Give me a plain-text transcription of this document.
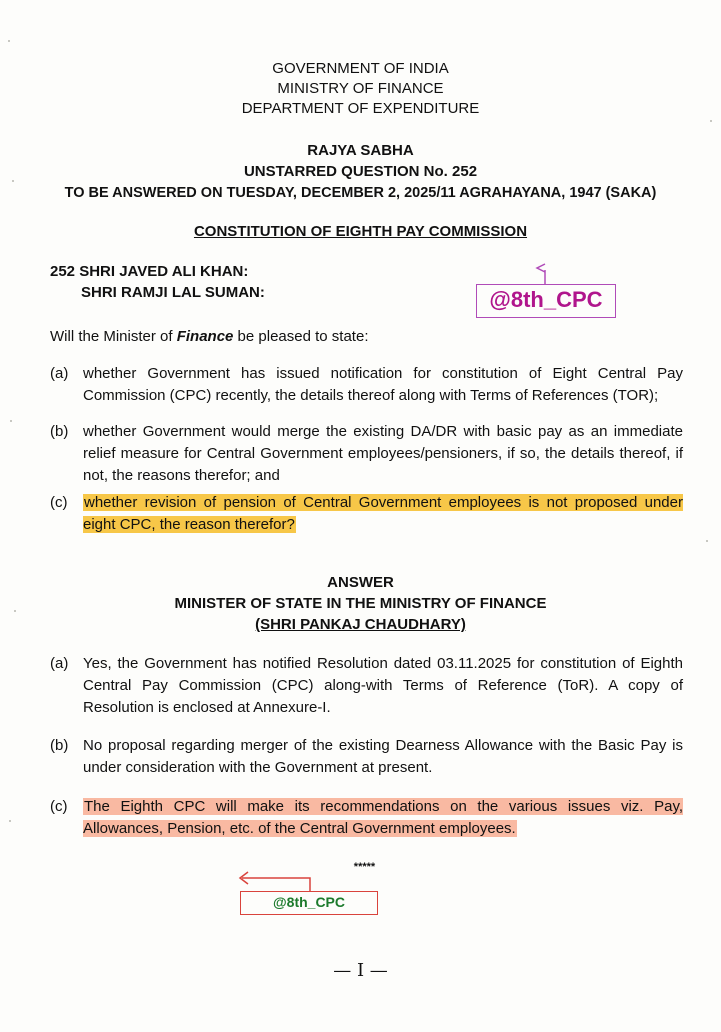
GOVERNMENT OF INDIA
MINISTRY OF FINANCE
DEPARTMENT OF EXPENDITURE
RAJYA SABHA
UNSTARRED QUESTION No. 252
TO BE ANSWERED ON TUESDAY, DECEMBER 2, 2025/11 AGRAHAYANA, 1947 (SAKA)
CONSTITUTION OF EIGHTH PAY COMMISSION
252 SHRI JAVED ALI KHAN:
SHRI RAMJI LAL SUMAN:	@8th_CPC
Will the Minister of Finance be pleased to state:
(a) whether Government has issued notification for constitution of Eight Central Pay Commission (CPC) recently, the details thereof along with Terms of References (TOR);
(b) whether Government would merge the existing DA/DR with basic pay as an immediate relief measure for Central Government employees/pensioners, if so, the details thereof, if not, the reasons therefor; and
(c) whether revision of pension of Central Government employees is not proposed under eight CPC, the reason therefor?
ANSWER
MINISTER OF STATE IN THE MINISTRY OF FINANCE
(SHRI PANKAJ CHAUDHARY)
(a) Yes, the Government has notified Resolution dated 03.11.2025 for constitution of Eighth Central Pay Commission (CPC) along-with Terms of Reference (ToR). A copy of Resolution is enclosed at Annexure-I.
(b) No proposal regarding merger of the existing Dearness Allowance with the Basic Pay is under consideration with the Government at present.
(c) The Eighth CPC will make its recommendations on the various issues viz. Pay, Allowances, Pension, etc. of the Central Government employees.
*****
@8th_CPC
— I —
